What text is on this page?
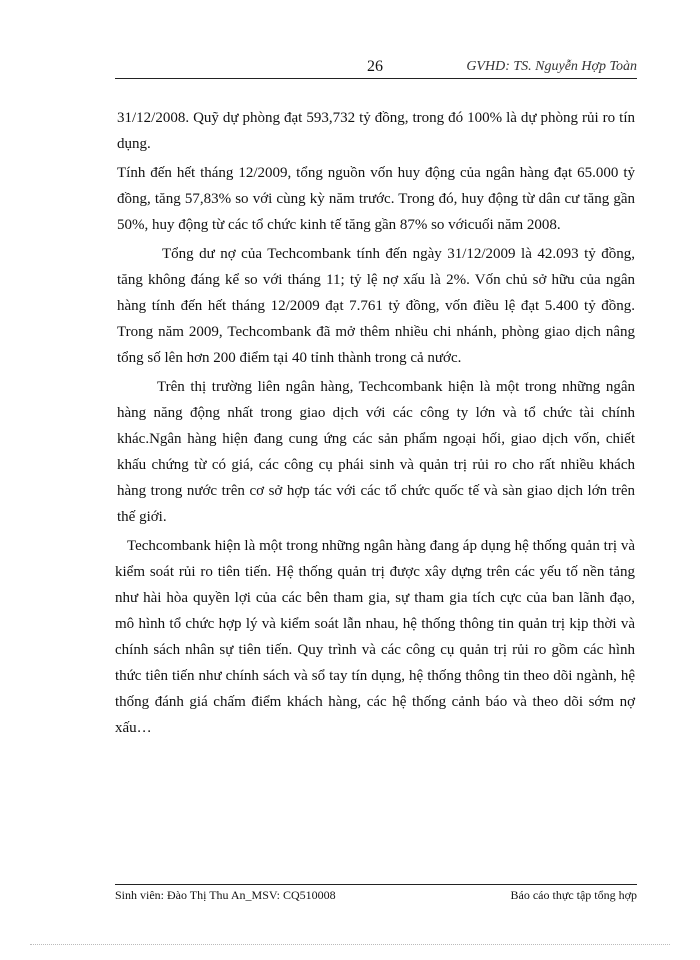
26	GVHD: TS. Nguyễn Hợp Toàn

31/12/2008. Quỹ dự phòng đạt 593,732 tỷ đồng, trong đó 100% là dự phòng rủi ro tín dụng.

Tính đến hết tháng 12/2009, tổng nguồn vốn huy động của ngân hàng đạt 65.000 tỷ đồng, tăng 57,83% so với cùng kỳ năm trước. Trong đó, huy động từ dân cư tăng gần 50%, huy động từ các tổ chức kinh tế tăng gần 87% so vớicuối năm 2008.

Tổng dư nợ của Techcombank tính đến ngày 31/12/2009 là 42.093 tỷ đồng, tăng không đáng kể so với tháng 11; tỷ lệ nợ xấu là 2%. Vốn chủ sở hữu của ngân hàng tính đến hết tháng 12/2009 đạt 7.761 tỷ đồng, vốn điều lệ đạt 5.400 tỷ đồng. Trong năm 2009, Techcombank đã mở thêm nhiều chi nhánh, phòng giao dịch nâng tổng số lên hơn 200 điểm tại 40 tỉnh thành trong cả nước.

Trên thị trường liên ngân hàng, Techcombank hiện là một trong những ngân hàng năng động nhất trong giao dịch với các công ty lớn và tổ chức tài chính khác.Ngân hàng hiện đang cung ứng các sản phẩm ngoại hối, giao dịch vốn, chiết khấu chứng từ có giá, các công cụ phái sinh và quản trị rủi ro cho rất nhiều khách hàng trong nước trên cơ sở hợp tác với các tổ chức quốc tế và sàn giao dịch lớn trên thế giới.

Techcombank hiện là một trong những ngân hàng đang áp dụng hệ thống quản trị và kiểm soát rủi ro tiên tiến. Hệ thống quản trị được xây dựng trên các yếu tố nền tảng như hài hòa quyền lợi của các bên tham gia, sự tham gia tích cực của ban lãnh đạo, mô hình tổ chức hợp lý và kiểm soát lẫn nhau, hệ thống thông tin quản trị kịp thời và chính sách nhân sự tiên tiến. Quy trình và các công cụ quản trị rủi ro gồm các hình thức tiên tiến như chính sách và sổ tay tín dụng, hệ thống thông tin theo dõi ngành, hệ thống đánh giá chấm điểm khách hàng, các hệ thống cảnh báo và theo dõi sớm nợ xấu…

Sinh viên: Đào Thị Thu An_MSV: CQ510008	Báo cáo thực tập tổng hợp
